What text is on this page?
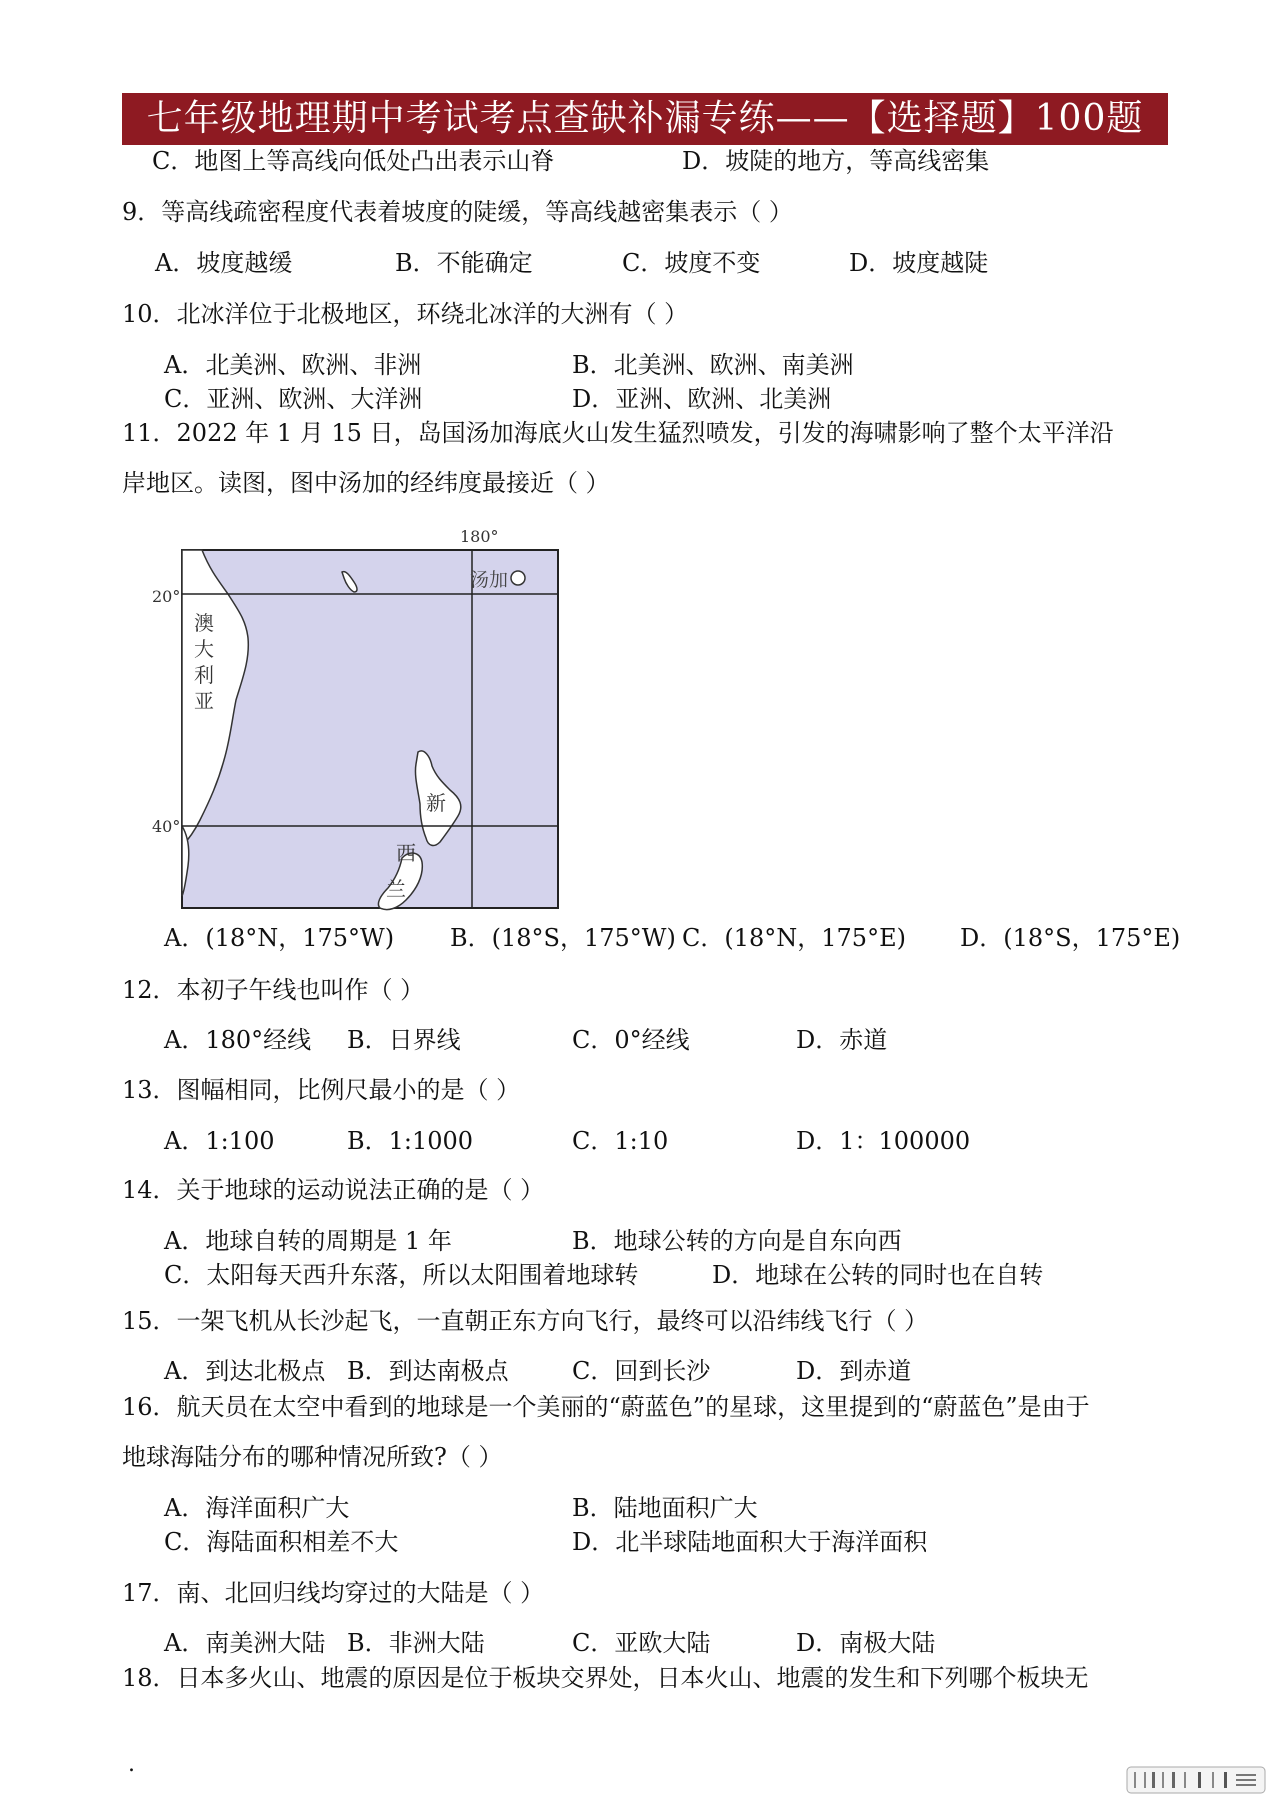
七年级地理期中考试考点查缺补漏专练——【选择题】100题
C．地图上等高线向低处凸出表示山脊	D．坡陡的地方，等高线密集
9．等高线疏密程度代表着坡度的陡缓，等高线越密集表示（ ）
A．坡度越缓	B．不能确定	C．坡度不变	D．坡度越陡
10．北冰洋位于北极地区，环绕北冰洋的大洲有（ ）
A．北美洲、欧洲、非洲	B．北美洲、欧洲、南美洲
C．亚洲、欧洲、大洋洲	D．亚洲、欧洲、北美洲
11．2022 年 1 月 15 日，岛国汤加海底火山发生猛烈喷发，引发的海啸影响了整个太平洋沿
岸地区。读图，图中汤加的经纬度最接近（ ）
180°
20°
40°
汤加
澳
大
利
亚
新
西
兰
A．(18°N，175°W) B．(18°S，175°W) C．(18°N，175°E) D．(18°S，175°E)
12．本初子午线也叫作（ ）
A．180°经线 B．日界线	C．0°经线	D．赤道
13．图幅相同，比例尺最小的是（ ）
A．1:100	B．1:1000	C．1:10	D．1：100000
14．关于地球的运动说法正确的是（ ）
A．地球自转的周期是 1 年	B．地球公转的方向是自东向西
C．太阳每天西升东落，所以太阳围着地球转	D．地球在公转的同时也在自转
15．一架飞机从长沙起飞，一直朝正东方向飞行，最终可以沿纬线飞行（ ）
A．到达北极点 B．到达南极点	C．回到长沙	D．到赤道
16．航天员在太空中看到的地球是一个美丽的“蔚蓝色”的星球，这里提到的“蔚蓝色”是由于
地球海陆分布的哪种情况所致?（ ）
A．海洋面积广大	B．陆地面积广大
C．海陆面积相差不大	D．北半球陆地面积大于海洋面积
17．南、北回归线均穿过的大陆是（ ）
A．南美洲大陆 B．非洲大陆	C．亚欧大陆	D．南极大陆
18．日本多火山、地震的原因是位于板块交界处，日本火山、地震的发生和下列哪个板块无
.
